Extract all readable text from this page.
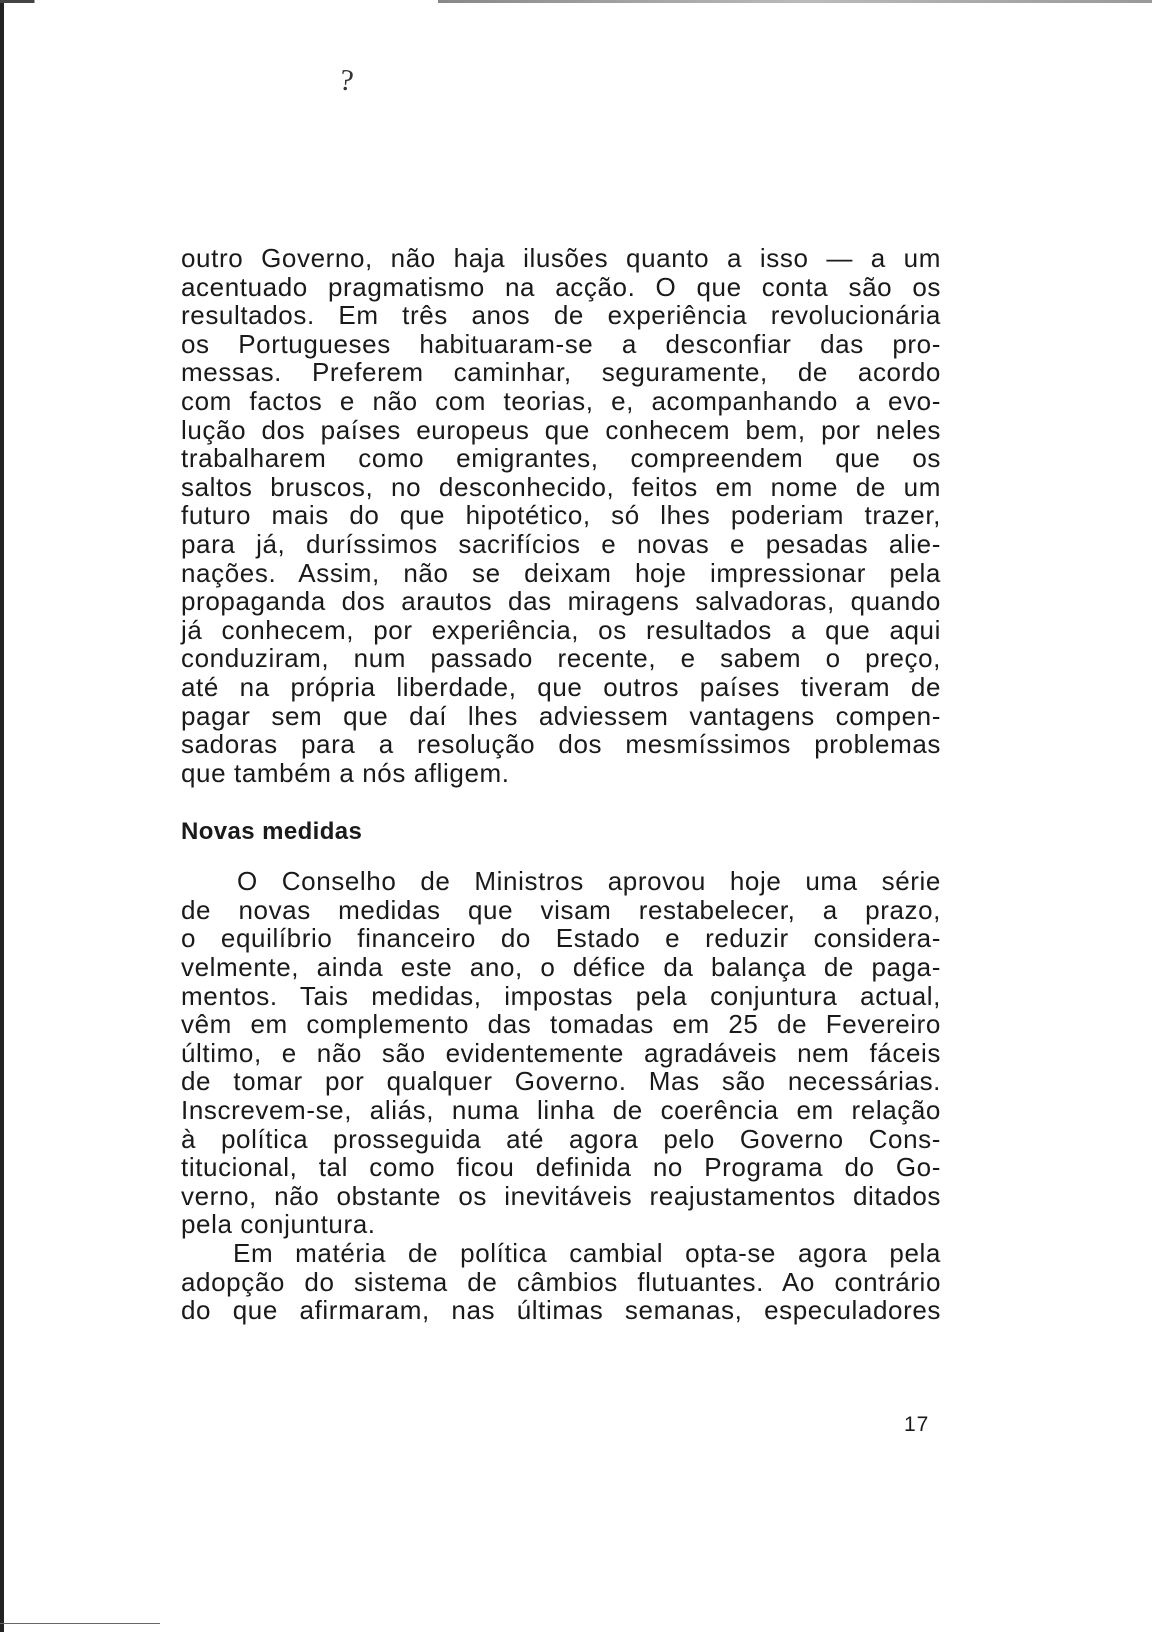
?
outro Governo, não haja ilusões quanto a isso — a um
acentuado pragmatismo na acção. O que conta são os
resultados. Em três anos de experiência revolucionária
os Portugueses habituaram-se a desconfiar das pro-
messas. Preferem caminhar, seguramente, de acordo
com factos e não com teorias, e, acompanhando a evo-
lução dos países europeus que conhecem bem, por neles
trabalharem como emigrantes, compreendem que os
saltos bruscos, no desconhecido, feitos em nome de um
futuro mais do que hipotético, só lhes poderiam trazer,
para já, duríssimos sacrifícios e novas e pesadas alie-
nações. Assim, não se deixam hoje impressionar pela
propaganda dos arautos das miragens salvadoras, quando
já conhecem, por experiência, os resultados a que aqui
conduziram, num passado recente, e sabem o preço,
até na própria liberdade, que outros países tiveram de
pagar sem que daí lhes adviessem vantagens compen-
sadoras para a resolução dos mesmíssimos problemas
que também a nós afligem.
Novas medidas
O Conselho de Ministros aprovou hoje uma série
de novas medidas que visam restabelecer, a prazo,
o equilíbrio financeiro do Estado e reduzir considera-
velmente, ainda este ano, o défice da balança de paga-
mentos. Tais medidas, impostas pela conjuntura actual,
vêm em complemento das tomadas em 25 de Fevereiro
último, e não são evidentemente agradáveis nem fáceis
de tomar por qualquer Governo. Mas são necessárias.
Inscrevem-se, aliás, numa linha de coerência em relação
à política prosseguida até agora pelo Governo Cons-
titucional, tal como ficou definida no Programa do Go-
verno, não obstante os inevitáveis reajustamentos ditados
pela conjuntura.
Em matéria de política cambial opta-se agora pela
adopção do sistema de câmbios flutuantes. Ao contrário
do que afirmaram, nas últimas semanas, especuladores
17
